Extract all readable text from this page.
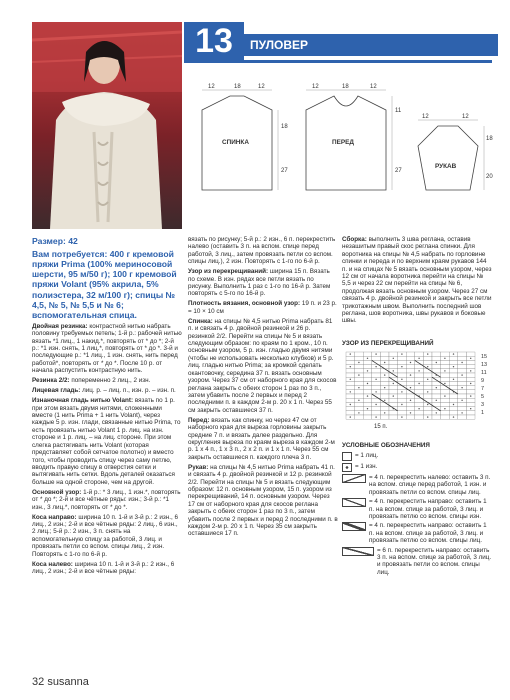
13	ПУЛОВЕР
12	18	12
СПИНКА
18
27
12	18	12
ПЕРЕД
11
27
12	12
РУКАВ
18
20

Размер: 42

Вам потребуется: 400 г кремовой пряжи Prima (100% мериносовой шерсти, 95 м/50 г); 100 г кремовой пряжи Volant (95% акрила, 5% полиэстера, 32 м/100 г); спицы № 4,5, № 5, № 5,5 и № 6; вспомогательная спица.

Двойная резинка: контрастной нитью набрать половину требуемых петель; 1-й р.: рабочей нитью вязать *1 лиц., 1 накид.*, повторять от * до *; 2-й р.: *1 изн. снять, 1 лиц.*, повторять от * до *. 3-й и последующие р.: *1 лиц., 1 изн. снять, нить перед работой*, повторять от * до *. После 10 р. от начала распустить контрастную нить.

Резинка 2/2: попеременно 2 лиц., 2 изн.

Лицевая гладь: лиц. р. – лиц. п., изн. р. – изн. п.

Изнаночная гладь нитью Volant: вязать по 1 р. при этом вязать двумя нитями, сложенными вместе (1 нить Prima + 1 нить Volant), через каждые 5 р. изн. глади, связанные нитью Prima, то есть провязать нитью Volant 1 р. лиц. на изн. стороне и 1 р. лиц. – на лиц. стороне. При этом слегка растягивать нить Volant (которая представляет собой сетчатое полотно) и вместо того, чтобы проводить спицу через саму петлю, вводить правую спицу в отверстия сетки и вытягивать нить сетки. Вдоль деталей оказаться больше на одной стороне, чем на другой.

Основной узор: 1-й р.: * 3 лиц., 1 изн.*, повторять от * до *; 2-й и все чётные ряды: изн.; 3-й р.: *1 изн., 3 лиц.*, повторять от * до *.

Коса направо: ширина 10 п. 1-й и 3-й р.: 2 изн., 6 лиц., 2 изн.; 2-й и все чётные ряды: 2 лиц., 6 изн., 2 лиц.; 5-й р.: 2 изн., 3 п. снять на вспомогательную спицу за работой, 3 лиц. и провязать петли со вспом. спицы лиц., 2 изн. Повторять с 1-го по 6-й р.

Коса налево: ширина 10 п. 1-й и 3-й р.: 2 изн., 6 лиц., 2 изн.; 2-й и все чётные ряды:

вязать по рисунку; 5-й р.: 2 изн., 6 п. перекрестить налево (оставить 3 п. на вспом. спице перед работой, 3 лиц., затем провязать петли со вспом. спицы лиц.), 2 изн. Повторять с 1-го по 6-й р.

Узор из перекрещиваний: ширина 15 п. Вязать по схеме. В изн. рядах все петли вязать по рисунку. Выполнить 1 раз с 1-го по 16-й р. Затем повторять с 5-го по 16-й р.

Плотность вязания, основной узор: 19 п. и 23 р. = 10 × 10 см

Спинка: на спицы № 4,5 нитью Prima набрать 81 п. и связать 4 р. двойной резинкой и 26 р. резинкой 2/2. Перейти на спицы № 5 и вязать следующим образом: по краям по 1 кром., 10 п. основным узором, 5 р. изн. гладью двумя нитями (чтобы не использовать несколько клубков) и 5 р. лиц. гладью нитью Prima; за кромкой сделать окантовочку, середина 37 п. вязать основным узором. Через 37 см от наборного края для скосов реглана закрыть с обеих сторон 1 раз по 3 п., затем убавить после 2 первых и перед 2 последними п. в каждом 2-м р. 20 х 1 п. Через 55 см закрыть оставшиеся 37 п.

Перед: вязать как спинку, но через 47 см от наборного края для выреза горловины закрыть средние 7 п. и вязать далее раздельно. Для округления выреза по краям выреза в каждом 2-м р. 1 х 4 п., 1 х 3 п., 2 х 2 п. и 1 х 1 п. Через 55 см закрыть оставшиеся п. каждого плеча 3 п.

Рукав: на спицы № 4,5 нитью Prima набрать 41 п. и связать 4 р. двойной резинкой и 12 р. резинкой 2/2. Перейти на спицы № 5 и вязать следующим образом: 12 п. основным узором, 15 п. узором из перекрещиваний, 14 п. основным узором. Через 17 см от наборного края для скосов реглана закрыть с обеих сторон 1 раз по 3 п., затем убавить после 2 первых и перед 2 последними п. в каждом 2-м р. 20 х 1 п. Через 35 см закрыть оставшиеся 17 п.

Сборка: выполнить 3 шва реглана, оставив незашитым правый скос реглана спинки. Для воротника на спицы № 4,5 набрать по горловине спинки и переда и по верхним краям рукавов 144 п. и на спицах № 5 вязать основным узором, через 12 см от начала воротника перейти на спицы № 5,5 и через 22 см перейти на спицы № 6, продолжая вязать основным узором. Через 27 см связать 4 р. двойной резинкой и закрыть все петли трикотажным швом. Выполнить последний шов реглана, шов воротника, швы рукавов и боковые швы.

УЗОР ИЗ ПЕРЕКРЕЩИВАНИЙ
15
13
11
9
7
5
3
1
15 п.
УСЛОВНЫЕ ОБОЗНАЧЕНИЯ
= 1 лиц.
= 1 изн.
= 4 п. перекрестить налево: оставить 3 п. на вспом. спице перед работой, 1 изн. и провязать петли со вспом. спицы лиц.
= 4 п. перекрестить направо: оставить 1 п. на вспом. спице за работой, 3 лиц. и провязать петлю со вспом. спицы изн.
= 4 п. перекрестить направо: оставить 1 п. на вспом. спице за работой, 3 лиц. и провязать петлю со вспом. спицы лиц.
= 6 п. перекрестить направо: оставить 3 п. на вспом. спице за работой, 3 лиц. и провязать петли со вспом. спицы лиц.
32 susanna
